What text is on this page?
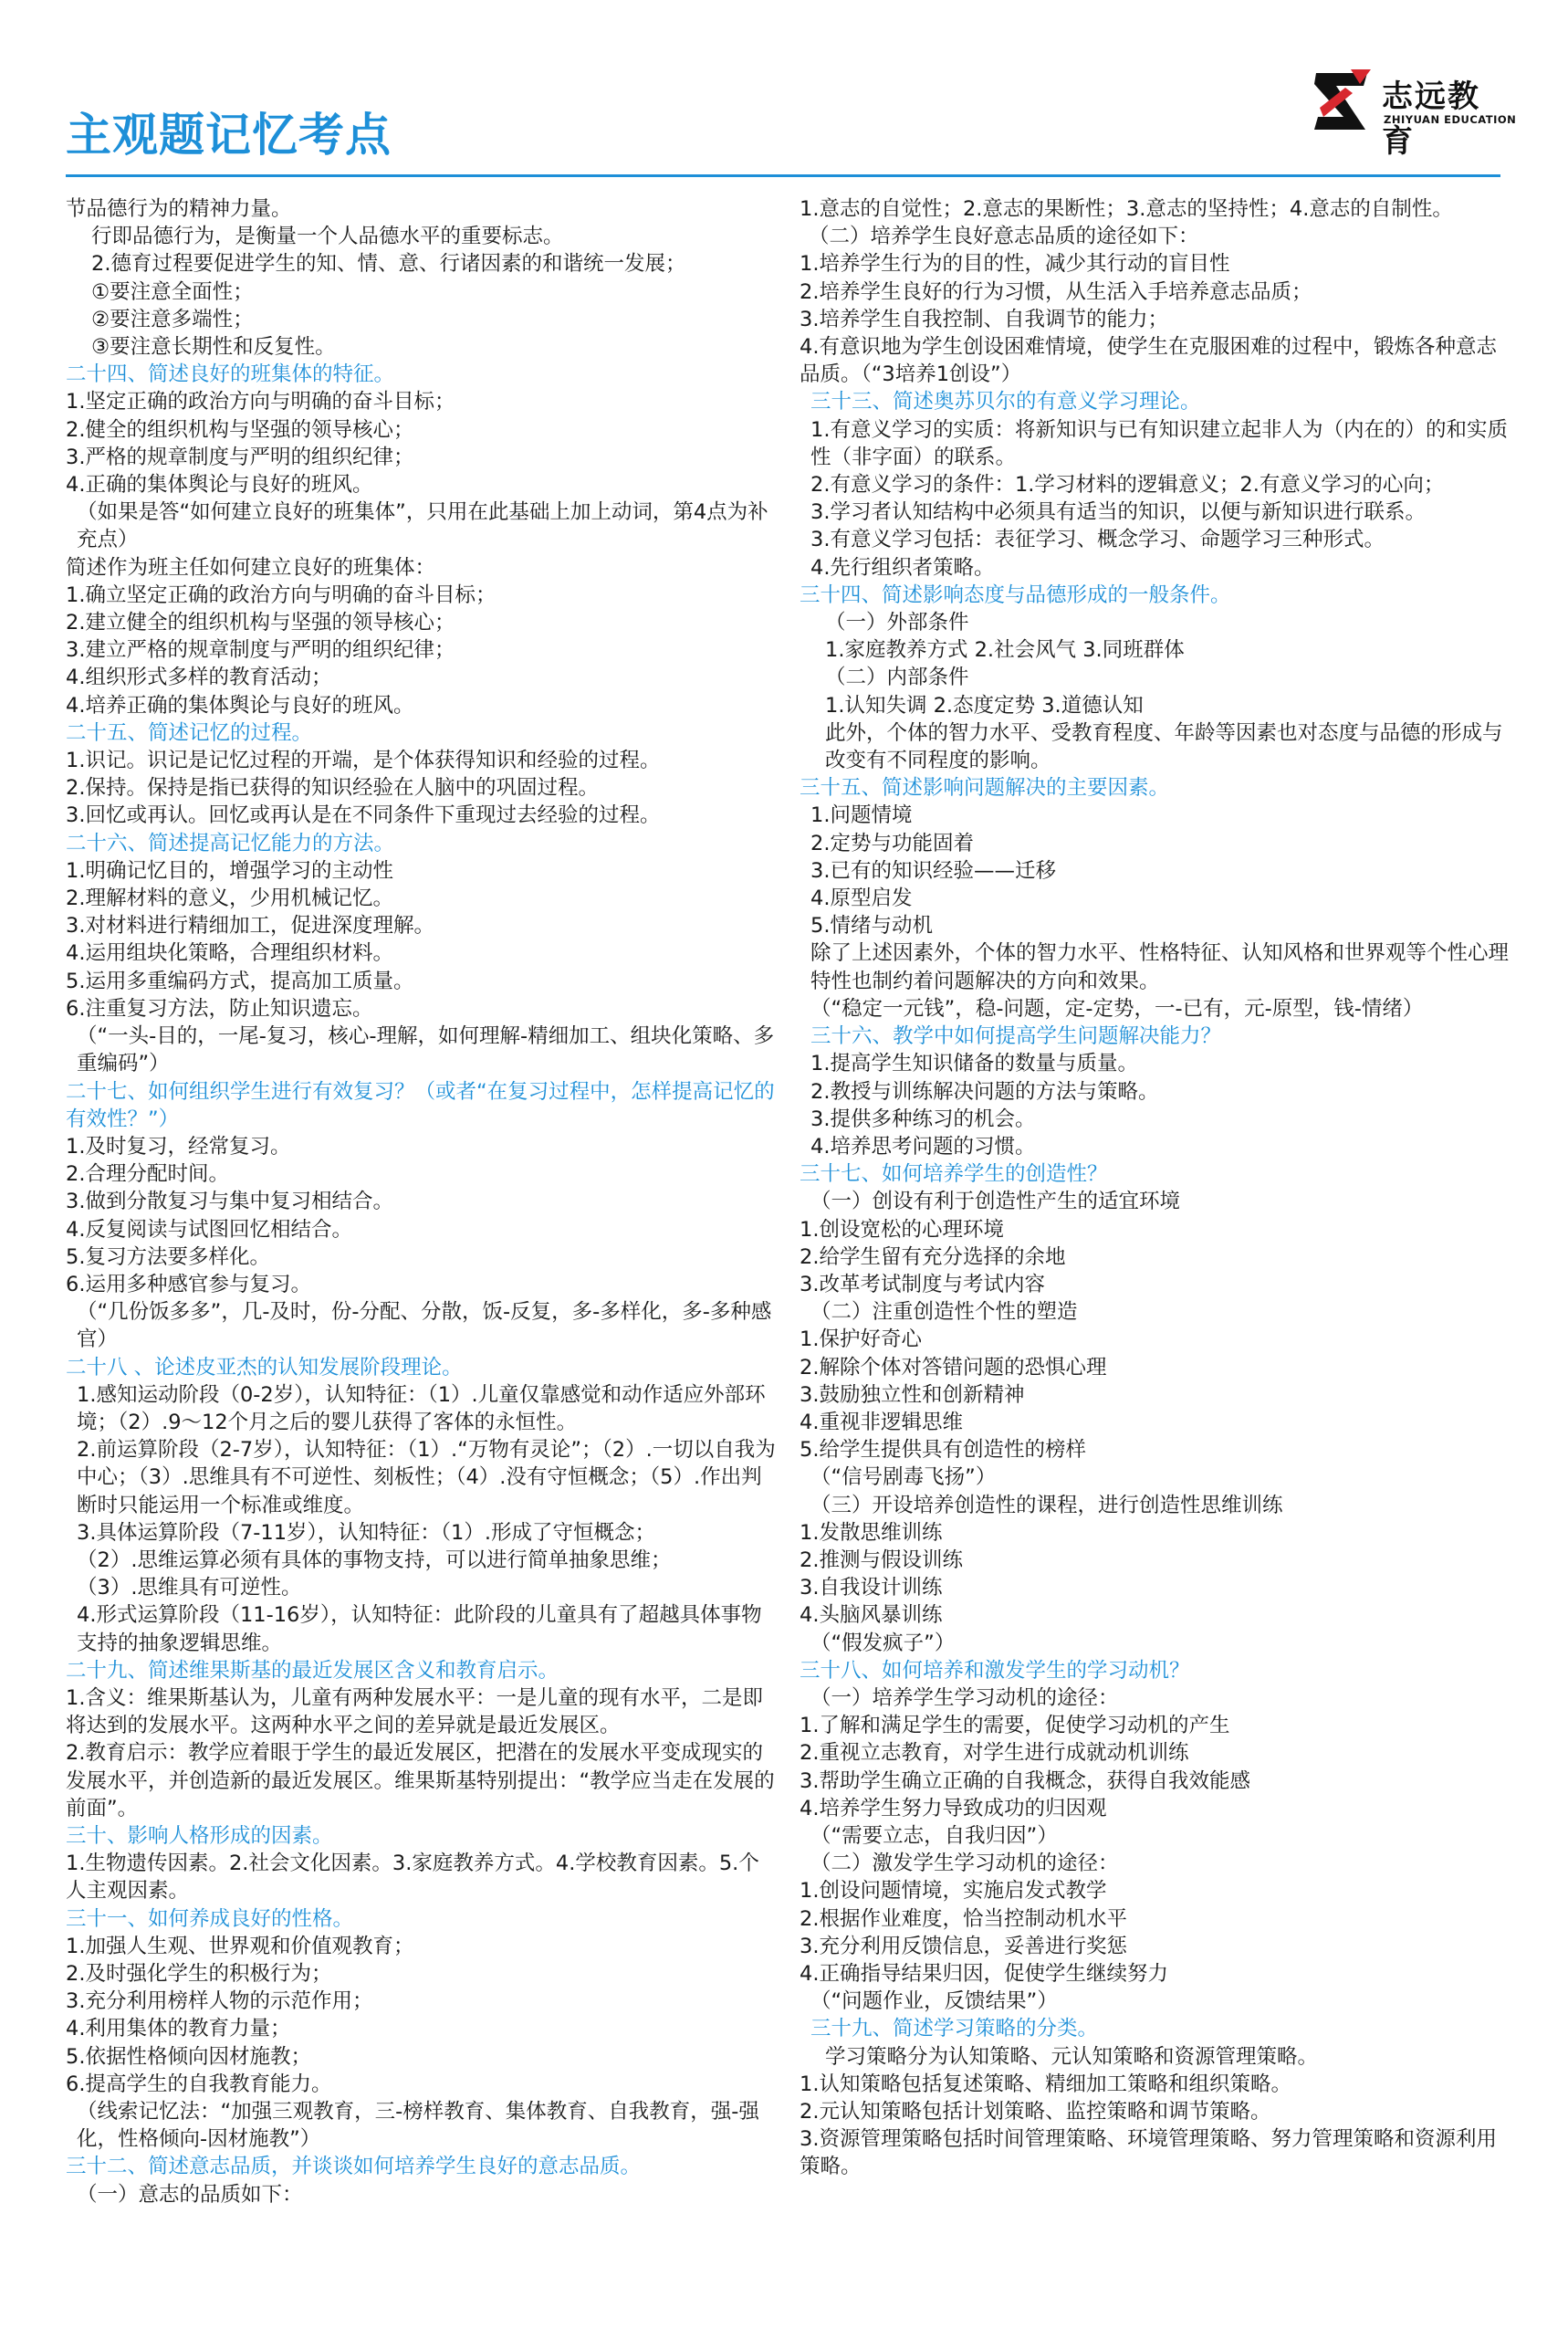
主观题记忆考点
志远教育
ZHIYUAN EDUCATION
节品德行为的精神力量。
行即品德行为，是衡量一个人品德水平的重要标志。
2.德育过程要促进学生的知、情、意、行诸因素的和谐统一发展；
①要注意全面性；
②要注意多端性；
③要注意长期性和反复性。
二十四、简述良好的班集体的特征。
1.坚定正确的政治方向与明确的奋斗目标；
2.健全的组织机构与坚强的领导核心；
3.严格的规章制度与严明的组织纪律；
4.正确的集体舆论与良好的班风。
（如果是答“如何建立良好的班集体”，只用在此基础上加上动词，第4点为补充点）
简述作为班主任如何建立良好的班集体：
1.确立坚定正确的政治方向与明确的奋斗目标；
2.建立健全的组织机构与坚强的领导核心；
3.建立严格的规章制度与严明的组织纪律；
4.组织形式多样的教育活动；
4.培养正确的集体舆论与良好的班风。
二十五、简述记忆的过程。
1.识记。识记是记忆过程的开端，是个体获得知识和经验的过程。
2.保持。保持是指已获得的知识经验在人脑中的巩固过程。
3.回忆或再认。回忆或再认是在不同条件下重现过去经验的过程。
二十六、简述提高记忆能力的方法。
1.明确记忆目的，增强学习的主动性
2.理解材料的意义，少用机械记忆。
3.对材料进行精细加工，促进深度理解。
4.运用组块化策略，合理组织材料。
5.运用多重编码方式，提高加工质量。
6.注重复习方法，防止知识遗忘。
（“一头-目的，一尾-复习，核心-理解，如何理解-精细加工、组块化策略、多重编码”）
二十七、如何组织学生进行有效复习？（或者“在复习过程中，怎样提高记忆的有效性？”）
1.及时复习，经常复习。
2.合理分配时间。
3.做到分散复习与集中复习相结合。
4.反复阅读与试图回忆相结合。
5.复习方法要多样化。
6.运用多种感官参与复习。
（“几份饭多多”，几-及时，份-分配、分散，饭-反复，多-多样化，多-多种感官）
二十八 、论述皮亚杰的认知发展阶段理论。
1.感知运动阶段（0-2岁），认知特征：（1）.儿童仅靠感觉和动作适应外部环境；（2）.9～12个月之后的婴儿获得了客体的永恒性。
2.前运算阶段（2-7岁），认知特征：（1）.“万物有灵论”；（2）.一切以自我为中心；（3）.思维具有不可逆性、刻板性；（4）.没有守恒概念；（5）.作出判断时只能运用一个标准或维度。
3.具体运算阶段（7-11岁），认知特征：（1）.形成了守恒概念；
（2）.思维运算必须有具体的事物支持，可以进行简单抽象思维；
（3）.思维具有可逆性。
4.形式运算阶段（11-16岁），认知特征：此阶段的儿童具有了超越具体事物支持的抽象逻辑思维。
二十九、简述维果斯基的最近发展区含义和教育启示。
1.含义：维果斯基认为，儿童有两种发展水平：一是儿童的现有水平，二是即将达到的发展水平。这两种水平之间的差异就是最近发展区。
2.教育启示：教学应着眼于学生的最近发展区，把潜在的发展水平变成现实的发展水平，并创造新的最近发展区。维果斯基特别提出：“教学应当走在发展的前面”。
三十、影响人格形成的因素。
1.生物遗传因素。2.社会文化因素。3.家庭教养方式。4.学校教育因素。5.个人主观因素。
三十一、如何养成良好的性格。
1.加强人生观、世界观和价值观教育；
2.及时强化学生的积极行为；
3.充分利用榜样人物的示范作用；
4.利用集体的教育力量；
5.依据性格倾向因材施教；
6.提高学生的自我教育能力。
（线索记忆法：“加强三观教育，三-榜样教育、集体教育、自我教育，强-强化，性格倾向-因材施教”）
三十二、简述意志品质，并谈谈如何培养学生良好的意志品质。
（一）意志的品质如下：
1.意志的自觉性；2.意志的果断性；3.意志的坚持性；4.意志的自制性。
（二）培养学生良好意志品质的途径如下：
1.培养学生行为的目的性，减少其行动的盲目性
2.培养学生良好的行为习惯，从生活入手培养意志品质；
3.培养学生自我控制、自我调节的能力；
4.有意识地为学生创设困难情境，使学生在克服困难的过程中，锻炼各种意志品质。（“3培养1创设”）
三十三、简述奥苏贝尔的有意义学习理论。
1.有意义学习的实质：将新知识与已有知识建立起非人为（内在的）的和实质性（非字面）的联系。
2.有意义学习的条件：1.学习材料的逻辑意义；2.有意义学习的心向；
3.学习者认知结构中必须具有适当的知识，以便与新知识进行联系。
3.有意义学习包括：表征学习、概念学习、命题学习三种形式。
4.先行组织者策略。
三十四、简述影响态度与品德形成的一般条件。
（一）外部条件
1.家庭教养方式 2.社会风气 3.同班群体
（二）内部条件
1.认知失调 2.态度定势 3.道德认知
此外，个体的智力水平、受教育程度、年龄等因素也对态度与品德的形成与改变有不同程度的影响。
三十五、简述影响问题解决的主要因素。
1.问题情境
2.定势与功能固着
3.已有的知识经验——迁移
4.原型启发
5.情绪与动机
除了上述因素外，个体的智力水平、性格特征、认知风格和世界观等个性心理特性也制约着问题解决的方向和效果。
（“稳定一元钱”，稳-问题，定-定势，一-已有，元-原型，钱-情绪）
三十六、教学中如何提高学生问题解决能力？
1.提高学生知识储备的数量与质量。
2.教授与训练解决问题的方法与策略。
3.提供多种练习的机会。
4.培养思考问题的习惯。
三十七、如何培养学生的创造性？
（一）创设有利于创造性产生的适宜环境
1.创设宽松的心理环境
2.给学生留有充分选择的余地
3.改革考试制度与考试内容
（二）注重创造性个性的塑造
1.保护好奇心
2.解除个体对答错问题的恐惧心理
3.鼓励独立性和创新精神
4.重视非逻辑思维
5.给学生提供具有创造性的榜样
（“信号剧毒飞扬”）
（三）开设培养创造性的课程，进行创造性思维训练
1.发散思维训练
2.推测与假设训练
3.自我设计训练
4.头脑风暴训练
（“假发疯子”）
三十八、如何培养和激发学生的学习动机？
（一）培养学生学习动机的途径：
1.了解和满足学生的需要，促使学习动机的产生
2.重视立志教育，对学生进行成就动机训练
3.帮助学生确立正确的自我概念，获得自我效能感
4.培养学生努力导致成功的归因观
（“需要立志，自我归因”）
（二）激发学生学习动机的途径：
1.创设问题情境，实施启发式教学
2.根据作业难度，恰当控制动机水平
3.充分利用反馈信息，妥善进行奖惩
4.正确指导结果归因，促使学生继续努力
（“问题作业，反馈结果”）
三十九、简述学习策略的分类。
学习策略分为认知策略、元认知策略和资源管理策略。
1.认知策略包括复述策略、精细加工策略和组织策略。
2.元认知策略包括计划策略、监控策略和调节策略。
3.资源管理策略包括时间管理策略、环境管理策略、努力管理策略和资源利用策略。
